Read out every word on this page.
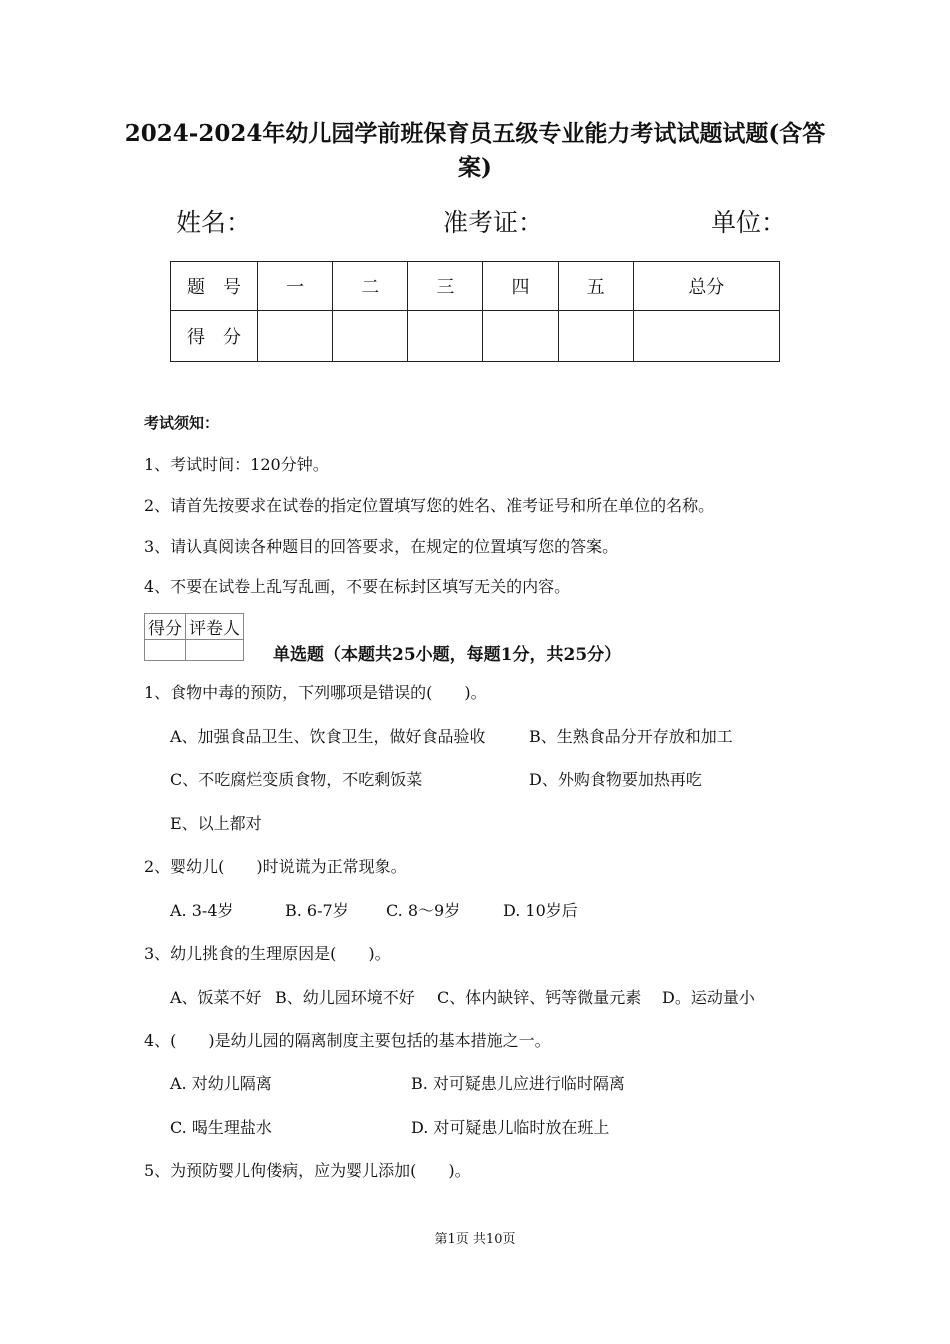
2024-2024年幼儿园学前班保育员五级专业能力考试试题试题(含答
案)
姓名：	准考证：	单位：
题　号	一	二	三	四	五	总分
得　分						
考试须知：
1、考试时间：120分钟。
2、请首先按要求在试卷的指定位置填写您的姓名、准考证号和所在单位的名称。
3、请认真阅读各种题目的回答要求，在规定的位置填写您的答案。
4、不要在试卷上乱写乱画，不要在标封区填写无关的内容。
得分	评卷人

单选题（本题共25小题，每题1分，共25分）
1、食物中毒的预防，下列哪项是错误的(　　)。
A、加强食品卫生、饮食卫生，做好食品验收	B、生熟食品分开存放和加工
C、不吃腐烂变质食物，不吃剩饭菜	D、外购食物要加热再吃
E、以上都对
2、婴幼儿(　　)时说谎为正常现象。
A. 3-4岁	B. 6-7岁 C. 8～9岁	D. 10岁后
3、幼儿挑食的生理原因是(　　)。
A、饭菜不好 B、幼儿园环境不好 C、体内缺锌、钙等微量元素 D。运动量小
4、(　　)是幼儿园的隔离制度主要包括的基本措施之一。
A. 对幼儿隔离	B. 对可疑患儿应进行临时隔离
C. 喝生理盐水	D. 对可疑患儿临时放在班上
5、为预防婴儿佝偻病，应为婴儿添加(　　)。
第1页 共10页
